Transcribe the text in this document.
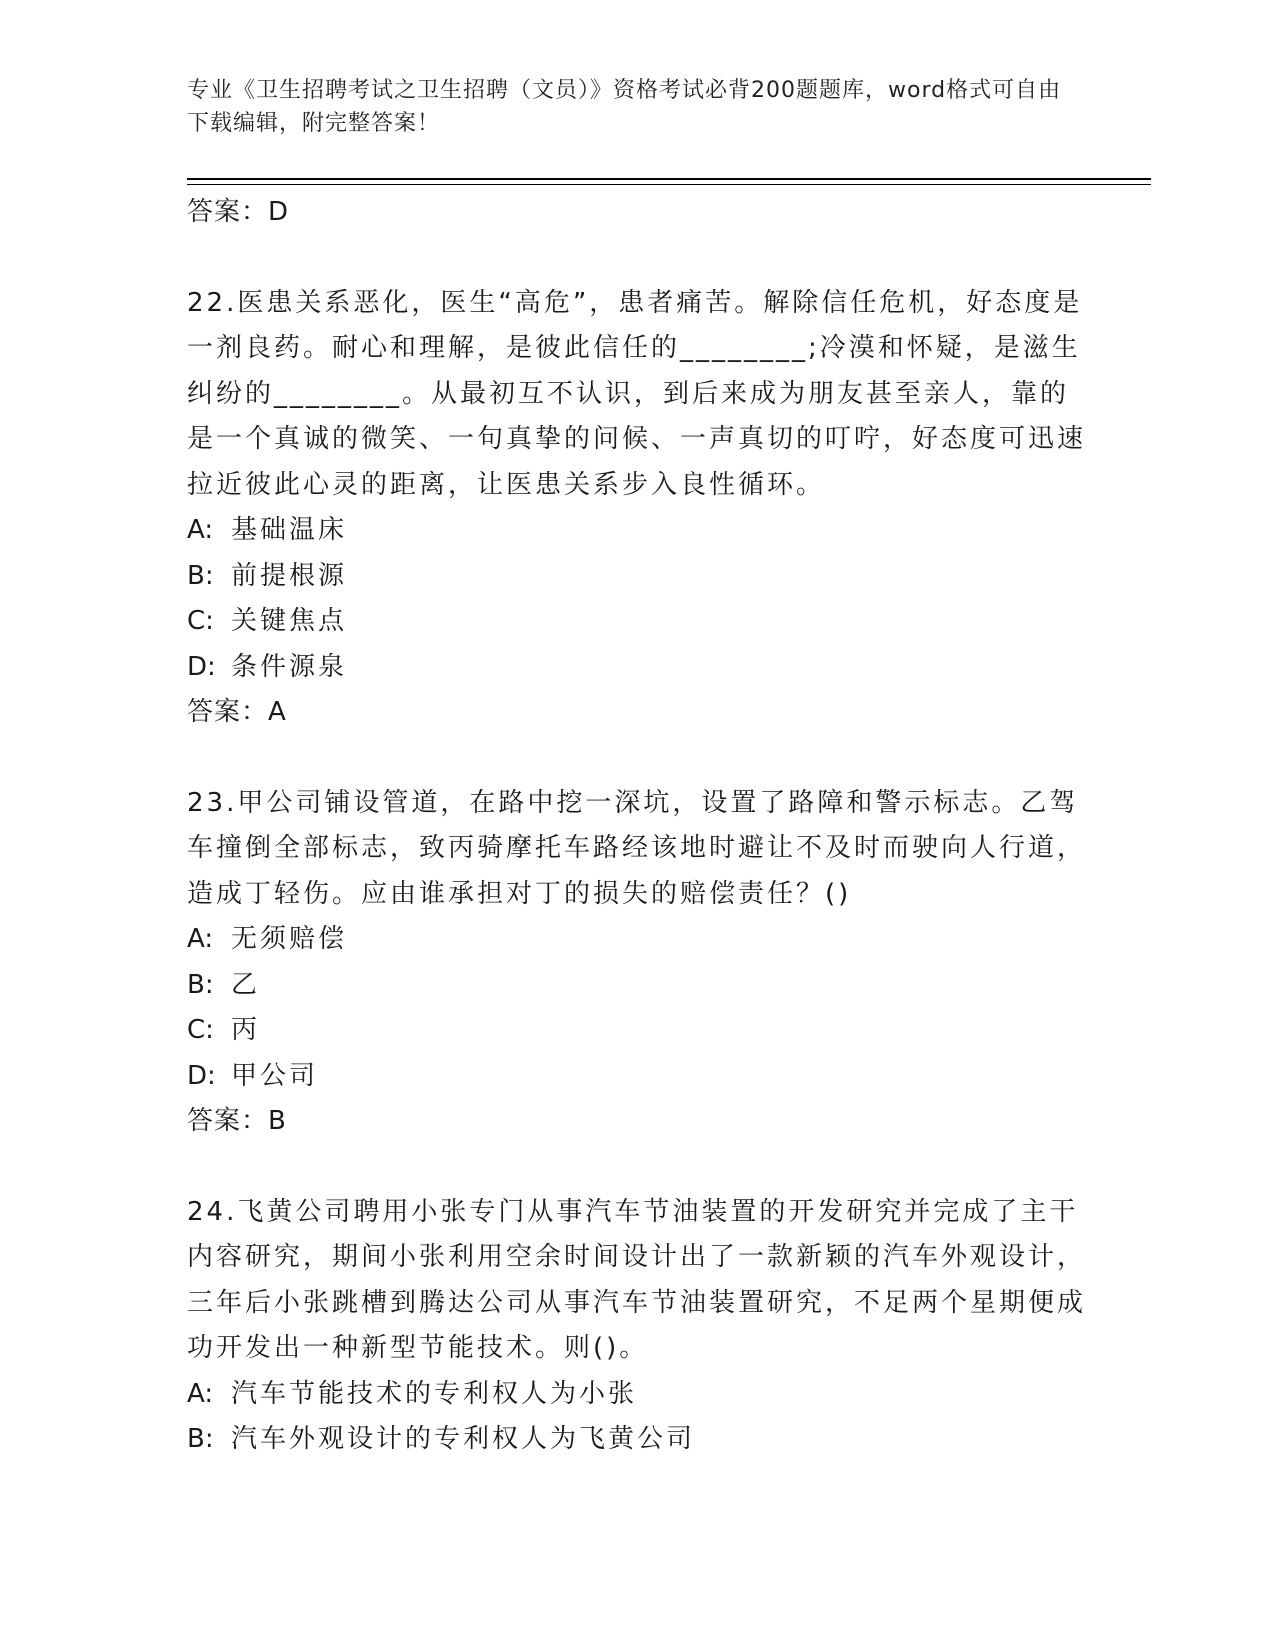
专业《卫生招聘考试之卫生招聘（文员）》资格考试必背200题题库，word格式可自由下载编辑，附完整答案！
答案：D

22.医患关系恶化，医生“高危”，患者痛苦。解除信任危机，好态度是一剂良药。耐心和理解，是彼此信任的________;冷漠和怀疑，是滋生纠纷的________。从最初互不认识，到后来成为朋友甚至亲人，靠的是一个真诚的微笑、一句真挚的问候、一声真切的叮咛，好态度可迅速拉近彼此心灵的距离，让医患关系步入良性循环。

A: 基础温床
B: 前提根源
C: 关键焦点
D: 条件源泉
答案：A

23.甲公司铺设管道，在路中挖一深坑，设置了路障和警示标志。乙驾车撞倒全部标志，致丙骑摩托车路经该地时避让不及时而驶向人行道，造成丁轻伤。应由谁承担对丁的损失的赔偿责任？()

A: 无须赔偿
B: 乙
C: 丙
D: 甲公司
答案：B

24.飞黄公司聘用小张专门从事汽车节油装置的开发研究并完成了主干内容研究，期间小张利用空余时间设计出了一款新颖的汽车外观设计，三年后小张跳槽到腾达公司从事汽车节油装置研究，不足两个星期便成功开发出一种新型节能技术。则()。

A: 汽车节能技术的专利权人为小张
B: 汽车外观设计的专利权人为飞黄公司
